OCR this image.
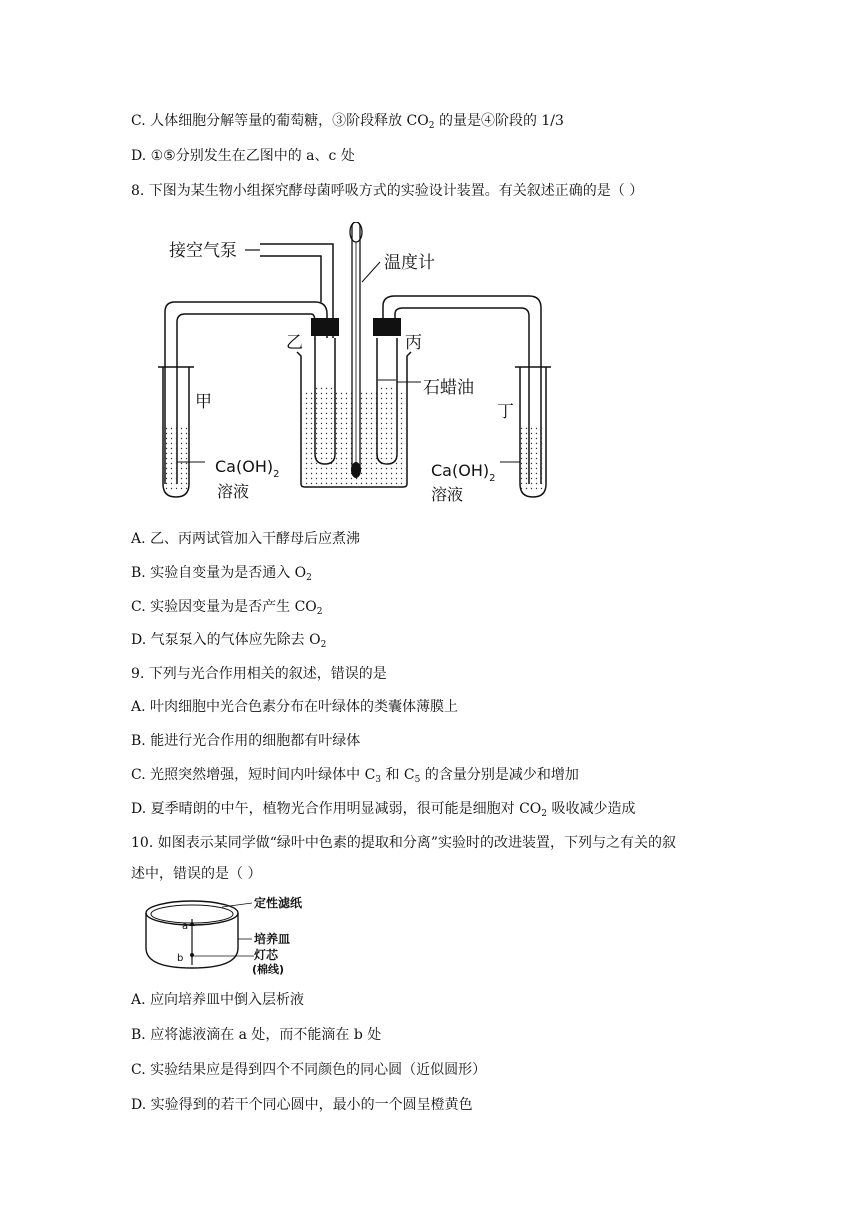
C. 人体细胞分解等量的葡萄糖，③阶段释放 $CO_2$ 的量是④阶段的 1/3
D. ①⑤分别发生在乙图中的 a、c 处
8. 下图为某生物小组探究酵母菌呼吸方式的实验设计装置。有关叙述正确的是（ ）
接空气泵
温度计
乙	丙
甲	丁
石蜡油
$Ca(OH)_2$
溶液
$Ca(OH)_2$
溶液
A. 乙、丙两试管加入干酵母后应煮沸
B. 实验自变量为是否通入 $O_2$
C. 实验因变量为是否产生 $CO_2$
D. 气泵泵入的气体应先除去 $O_2$
9. 下列与光合作用相关的叙述，错误的是
A. 叶肉细胞中光合色素分布在叶绿体的类囊体薄膜上
B. 能进行光合作用的细胞都有叶绿体
C. 光照突然增强，短时间内叶绿体中 $C_3$ 和 $C_5$ 的含量分别是减少和增加
D. 夏季晴朗的中午，植物光合作用明显减弱，很可能是细胞对 $CO_2$ 吸收减少造成
10. 如图表示某同学做“绿叶中色素的提取和分离”实验时的改进装置，下列与之有关的叙
述中，错误的是（ ）
a
b
定性滤纸
培养皿
灯芯
(棉线)
A. 应向培养皿中倒入层析液
B. 应将滤液滴在 a 处，而不能滴在 b 处
C. 实验结果应是得到四个不同颜色的同心圆（近似圆形）
D. 实验得到的若干个同心圆中，最小的一个圆呈橙黄色
